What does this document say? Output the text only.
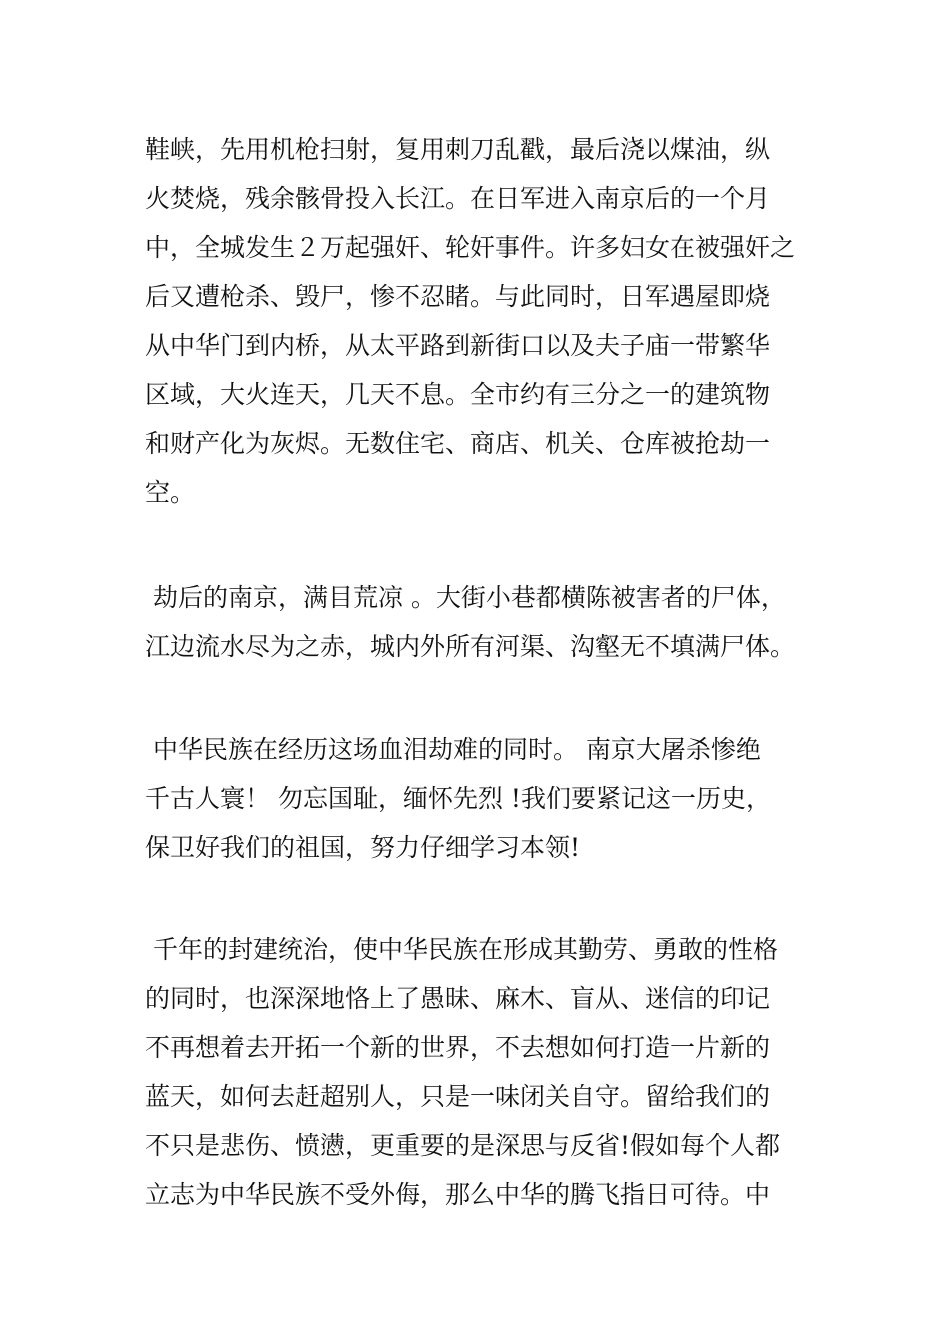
鞋峡，先用机枪扫射，复用刺刀乱戳，最后浇以煤油，纵
火焚烧，残余骸骨投入长江。在日军进入南京后的一个月
中，全城发生２万起强奸、轮奸事件。许多妇女在被强奸之
后又遭枪杀、毁尸，惨不忍睹。与此同时，日军遇屋即烧
从中华门到内桥，从太平路到新街口以及夫子庙一带繁华
区域，大火连天，几天不息。全市约有三分之一的建筑物
和财产化为灰烬。无数住宅、商店、机关、仓库被抢劫一
空。
劫后的南京，满目荒凉 。大街小巷都横陈被害者的尸体，
江边流水尽为之赤，城内外所有河渠、沟壑无不填满尸体。
中华民族在经历这场血泪劫难的同时。 南京大屠杀惨绝
千古人寰！ 勿忘国耻，缅怀先烈 !我们要紧记这一历史，
保卫好我们的祖国，努力仔细学习本领!
千年的封建统治，使中华民族在形成其勤劳、勇敢的性格
的同时，也深深地恪上了愚昧、麻木、盲从、迷信的印记
不再想着去开拓一个新的世界，不去想如何打造一片新的
蓝天，如何去赶超别人，只是一味闭关自守。留给我们的
不只是悲伤、愤懑，更重要的是深思与反省!假如每个人都
立志为中华民族不受外侮，那么中华的腾飞指日可待。中
